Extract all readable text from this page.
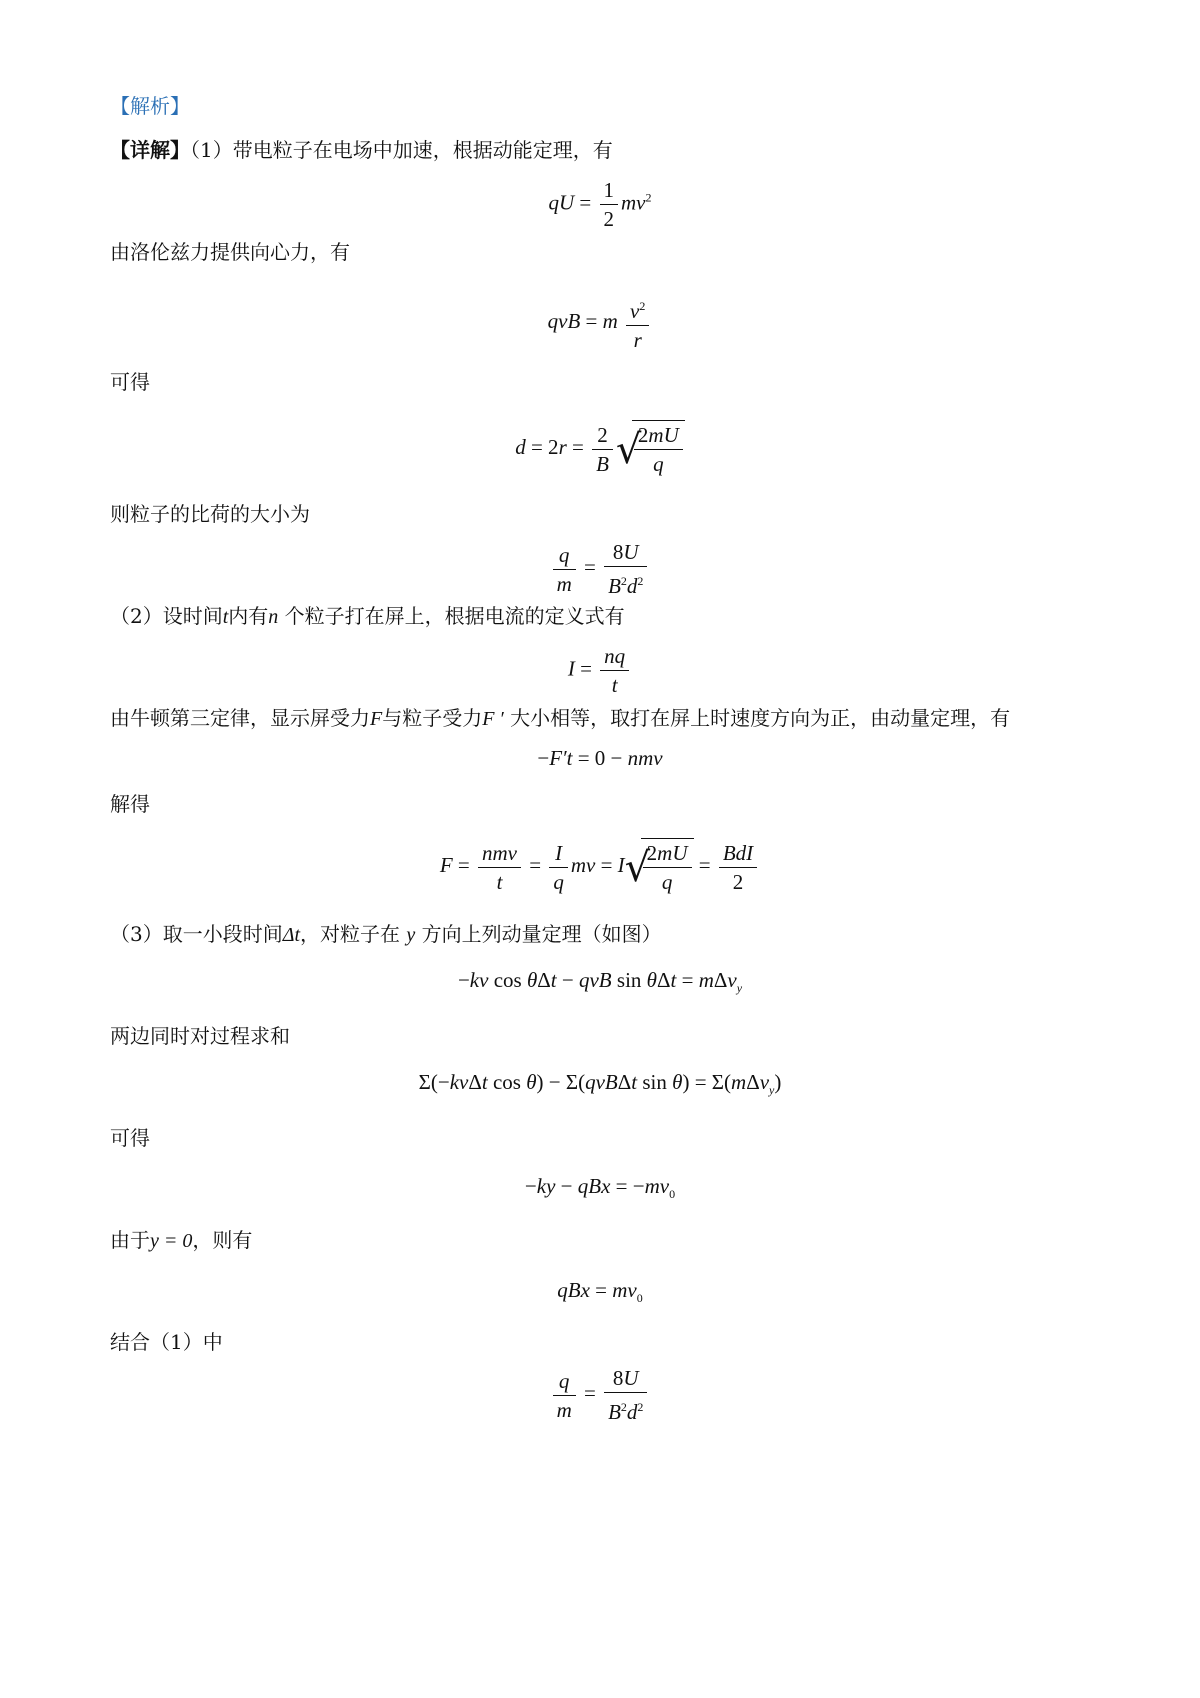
【解析】
【详解】（1）带电粒子在电场中加速，根据动能定理，有
qU = $\frac{1}{2} mv^2$
由洛伦兹力提供向心力，有
qvB = m $\frac{v^2}{r}$
可得
$d = 2r = \frac{2}{B}$ √
$\frac{2mU}{q}$
则粒子的比荷的大小为
$\frac{q}{m} = \frac{8U}{B^2d^2}$
（2）设时间t内有n 个粒子打在屏上，根据电流的定义式有
$I = \frac{nq}{t}$
由牛顿第三定律，显示屏受力F与粒子受力F ′ 大小相等，取打在屏上时速度方向为正，由动量定理，有
−F′t = 0 − nmv
解得
$F = \frac{\text{nmv}}{t} = \frac{I}{q}$ mv = I √
$\frac{2mU}{q} = \frac{\text{BdI}}{2}$
（3）取一小段时间Δt，对粒子在 y 方向上列动量定理（如图）
−kv cos θΔt − qvB sin θΔt = mΔv$_y$
两边同时对过程求和
Σ(−kvΔt cos θ) − Σ(qvBΔt sin θ) = Σ(mΔv$_y$)
可得
−ky − qBx = $-mv_0$
由于y = 0，则有
qBx = $mv_0$
结合（1）中
$\frac{q}{m} = \frac{8U}{B^2d^2}$
